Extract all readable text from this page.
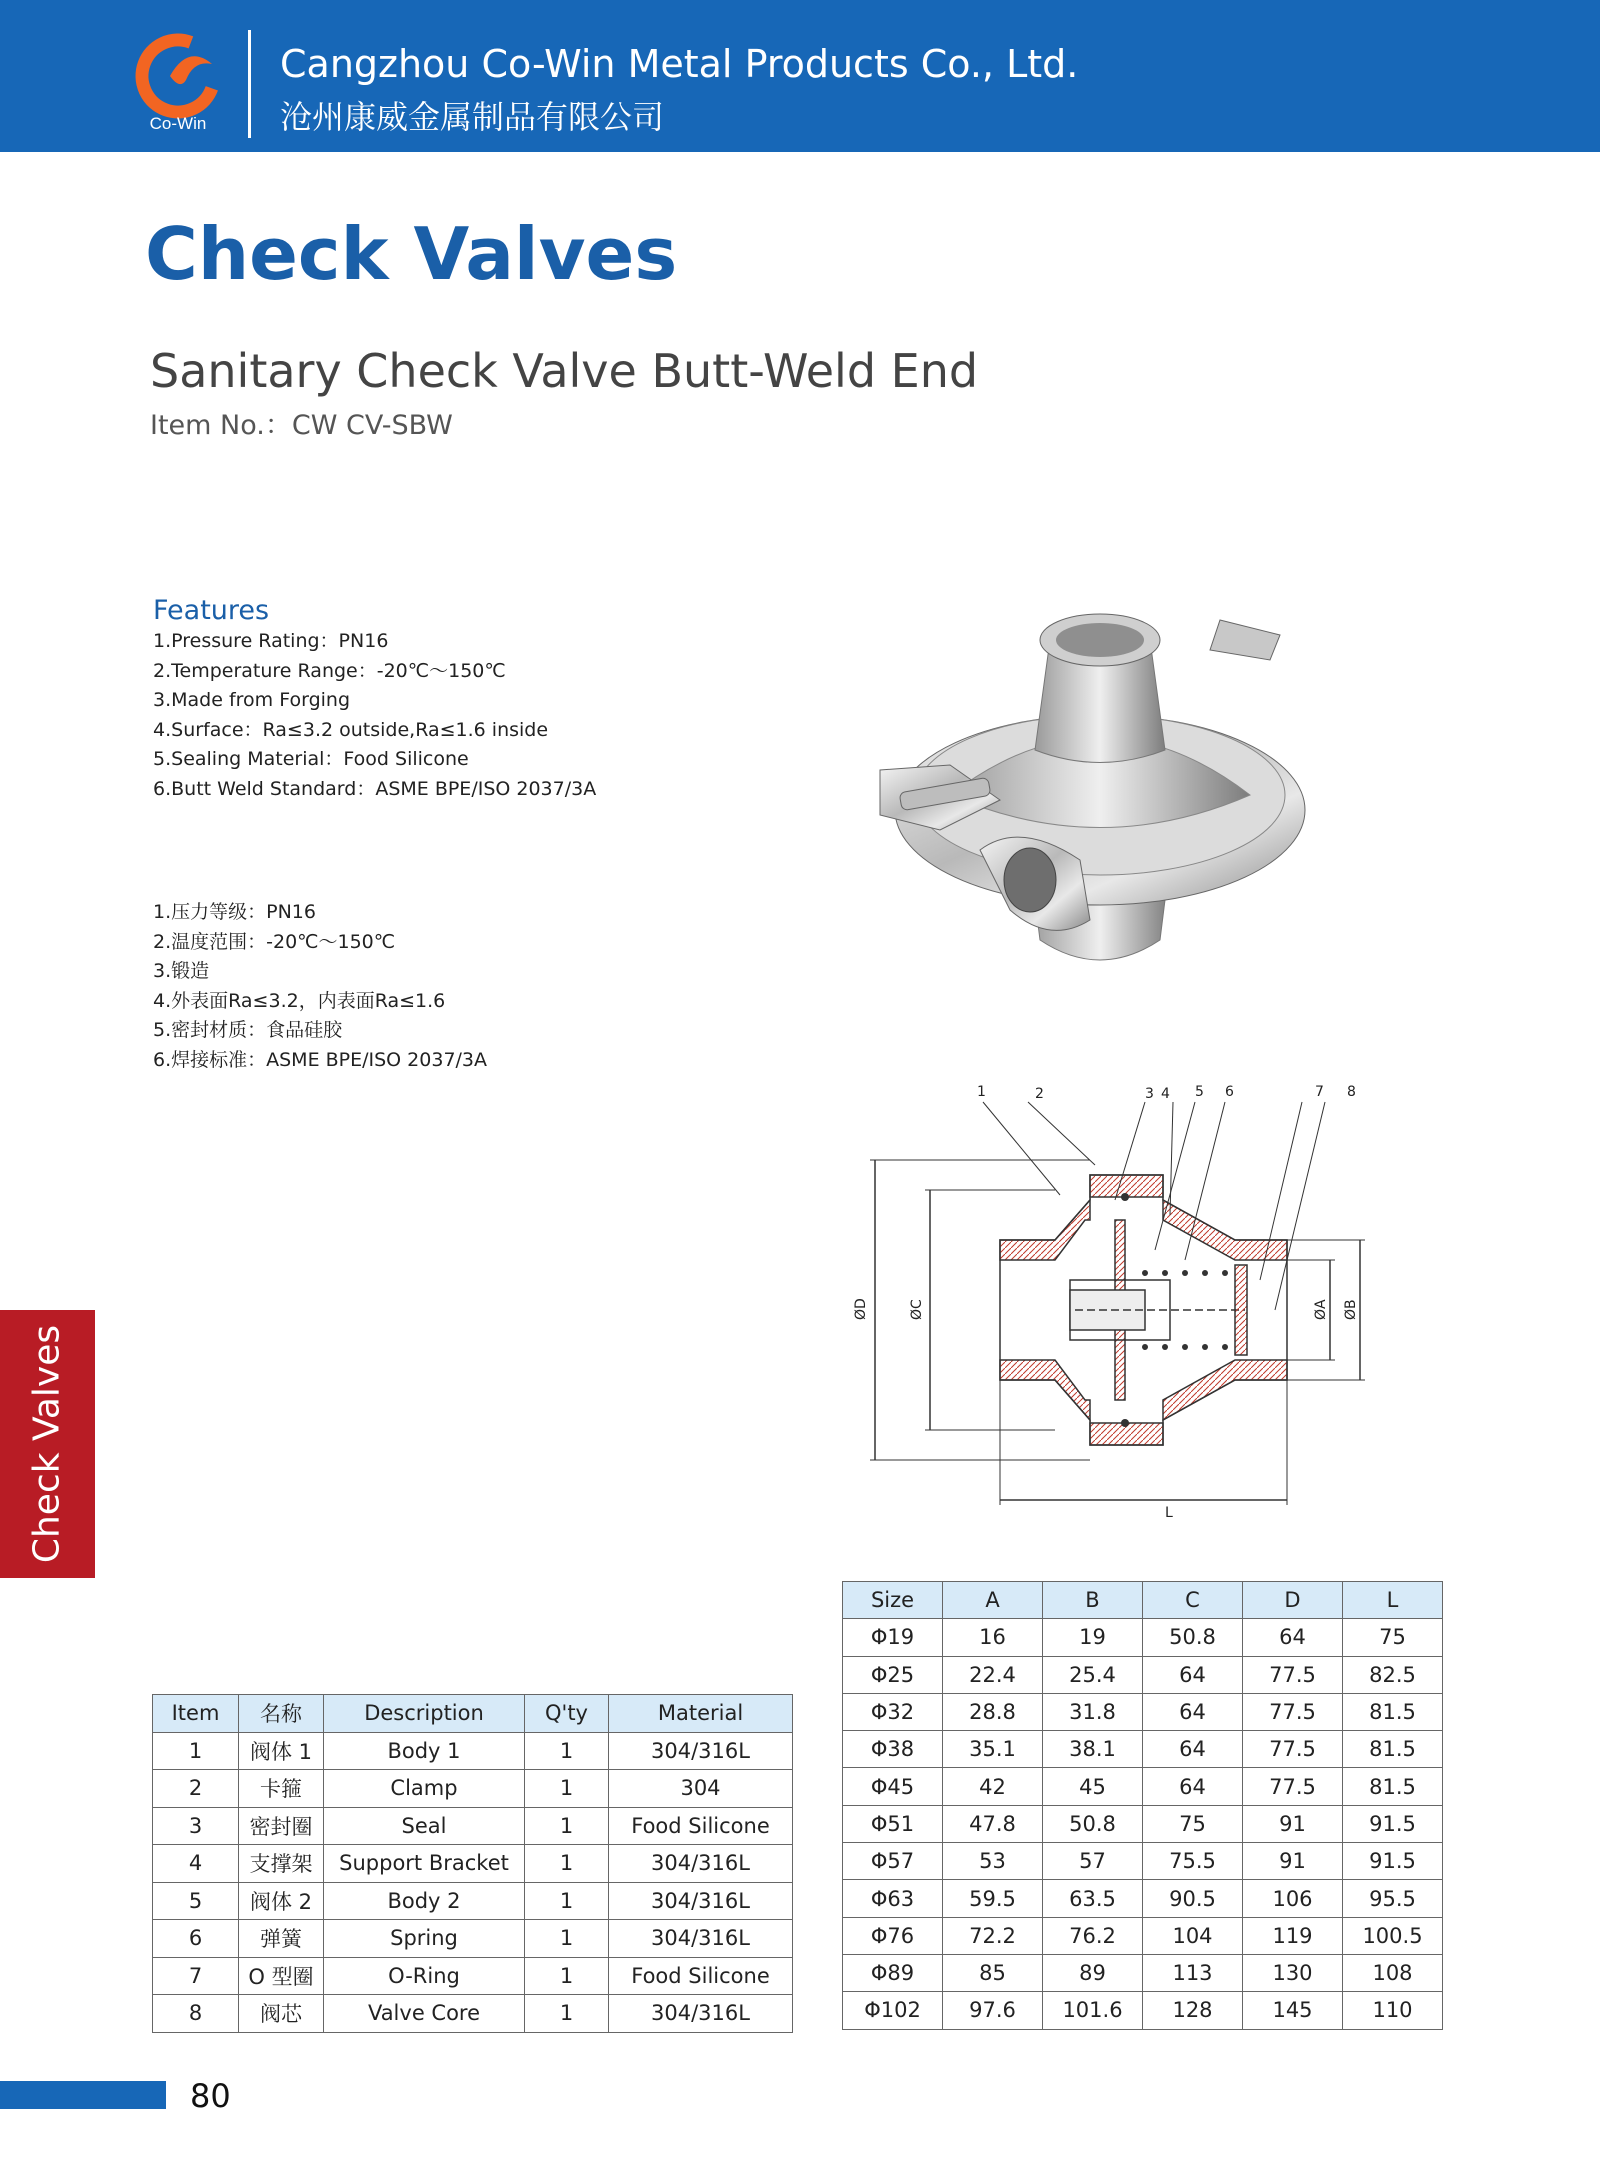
Co-Win
Cangzhou Co-Win Metal Products Co., Ltd.
沧州康威金属制品有限公司
Check Valves
Sanitary Check Valve Butt-Weld End
Item No.：CW CV-SBW
Features
1.Pressure Rating：PN16
2.Temperature Range：-20℃～150℃
3.Made from Forging
4.Surface：Ra≤3.2 outside,Ra≤1.6 inside
5.Sealing Material：Food Silicone
6.Butt Weld Standard：ASME BPE/ISO 2037/3A
1.压力等级：PN16
2.温度范围：-20℃～150℃
3.锻造
4.外表面Ra≤3.2，内表面Ra≤1.6
5.密封材质：食品硅胶
6.焊接标准：ASME BPE/ISO 2037/3A
1	2	3 4 5 6	7 8
ØD	ØC	ØA ØB
L
Item	名称	Description	Q'ty	Material
1	阀体 1	Body 1	1	304/316L
2	卡箍	Clamp	1	304
3	密封圈	Seal	1	Food Silicone
4	支撑架	Support Bracket	1	304/316L
5	阀体 2	Body 2	1	304/316L
6	弹簧	Spring	1	304/316L
7	O 型圈	O-Ring	1	Food Silicone
8	阀芯	Valve Core	1	304/316L
Size	A	B	C	D	L
Φ19	16	19	50.8	64	75
Φ25	22.4	25.4	64	77.5	82.5
Φ32	28.8	31.8	64	77.5	81.5
Φ38	35.1	38.1	64	77.5	81.5
Φ45	42	45	64	77.5	81.5
Φ51	47.8	50.8	75	91	91.5
Φ57	53	57	75.5	91	91.5
Φ63	59.5	63.5	90.5	106	95.5
Φ76	72.2	76.2	104	119	100.5
Φ89	85	89	113	130	108
Φ102	97.6	101.6	128	145	110
Check Valves
80
